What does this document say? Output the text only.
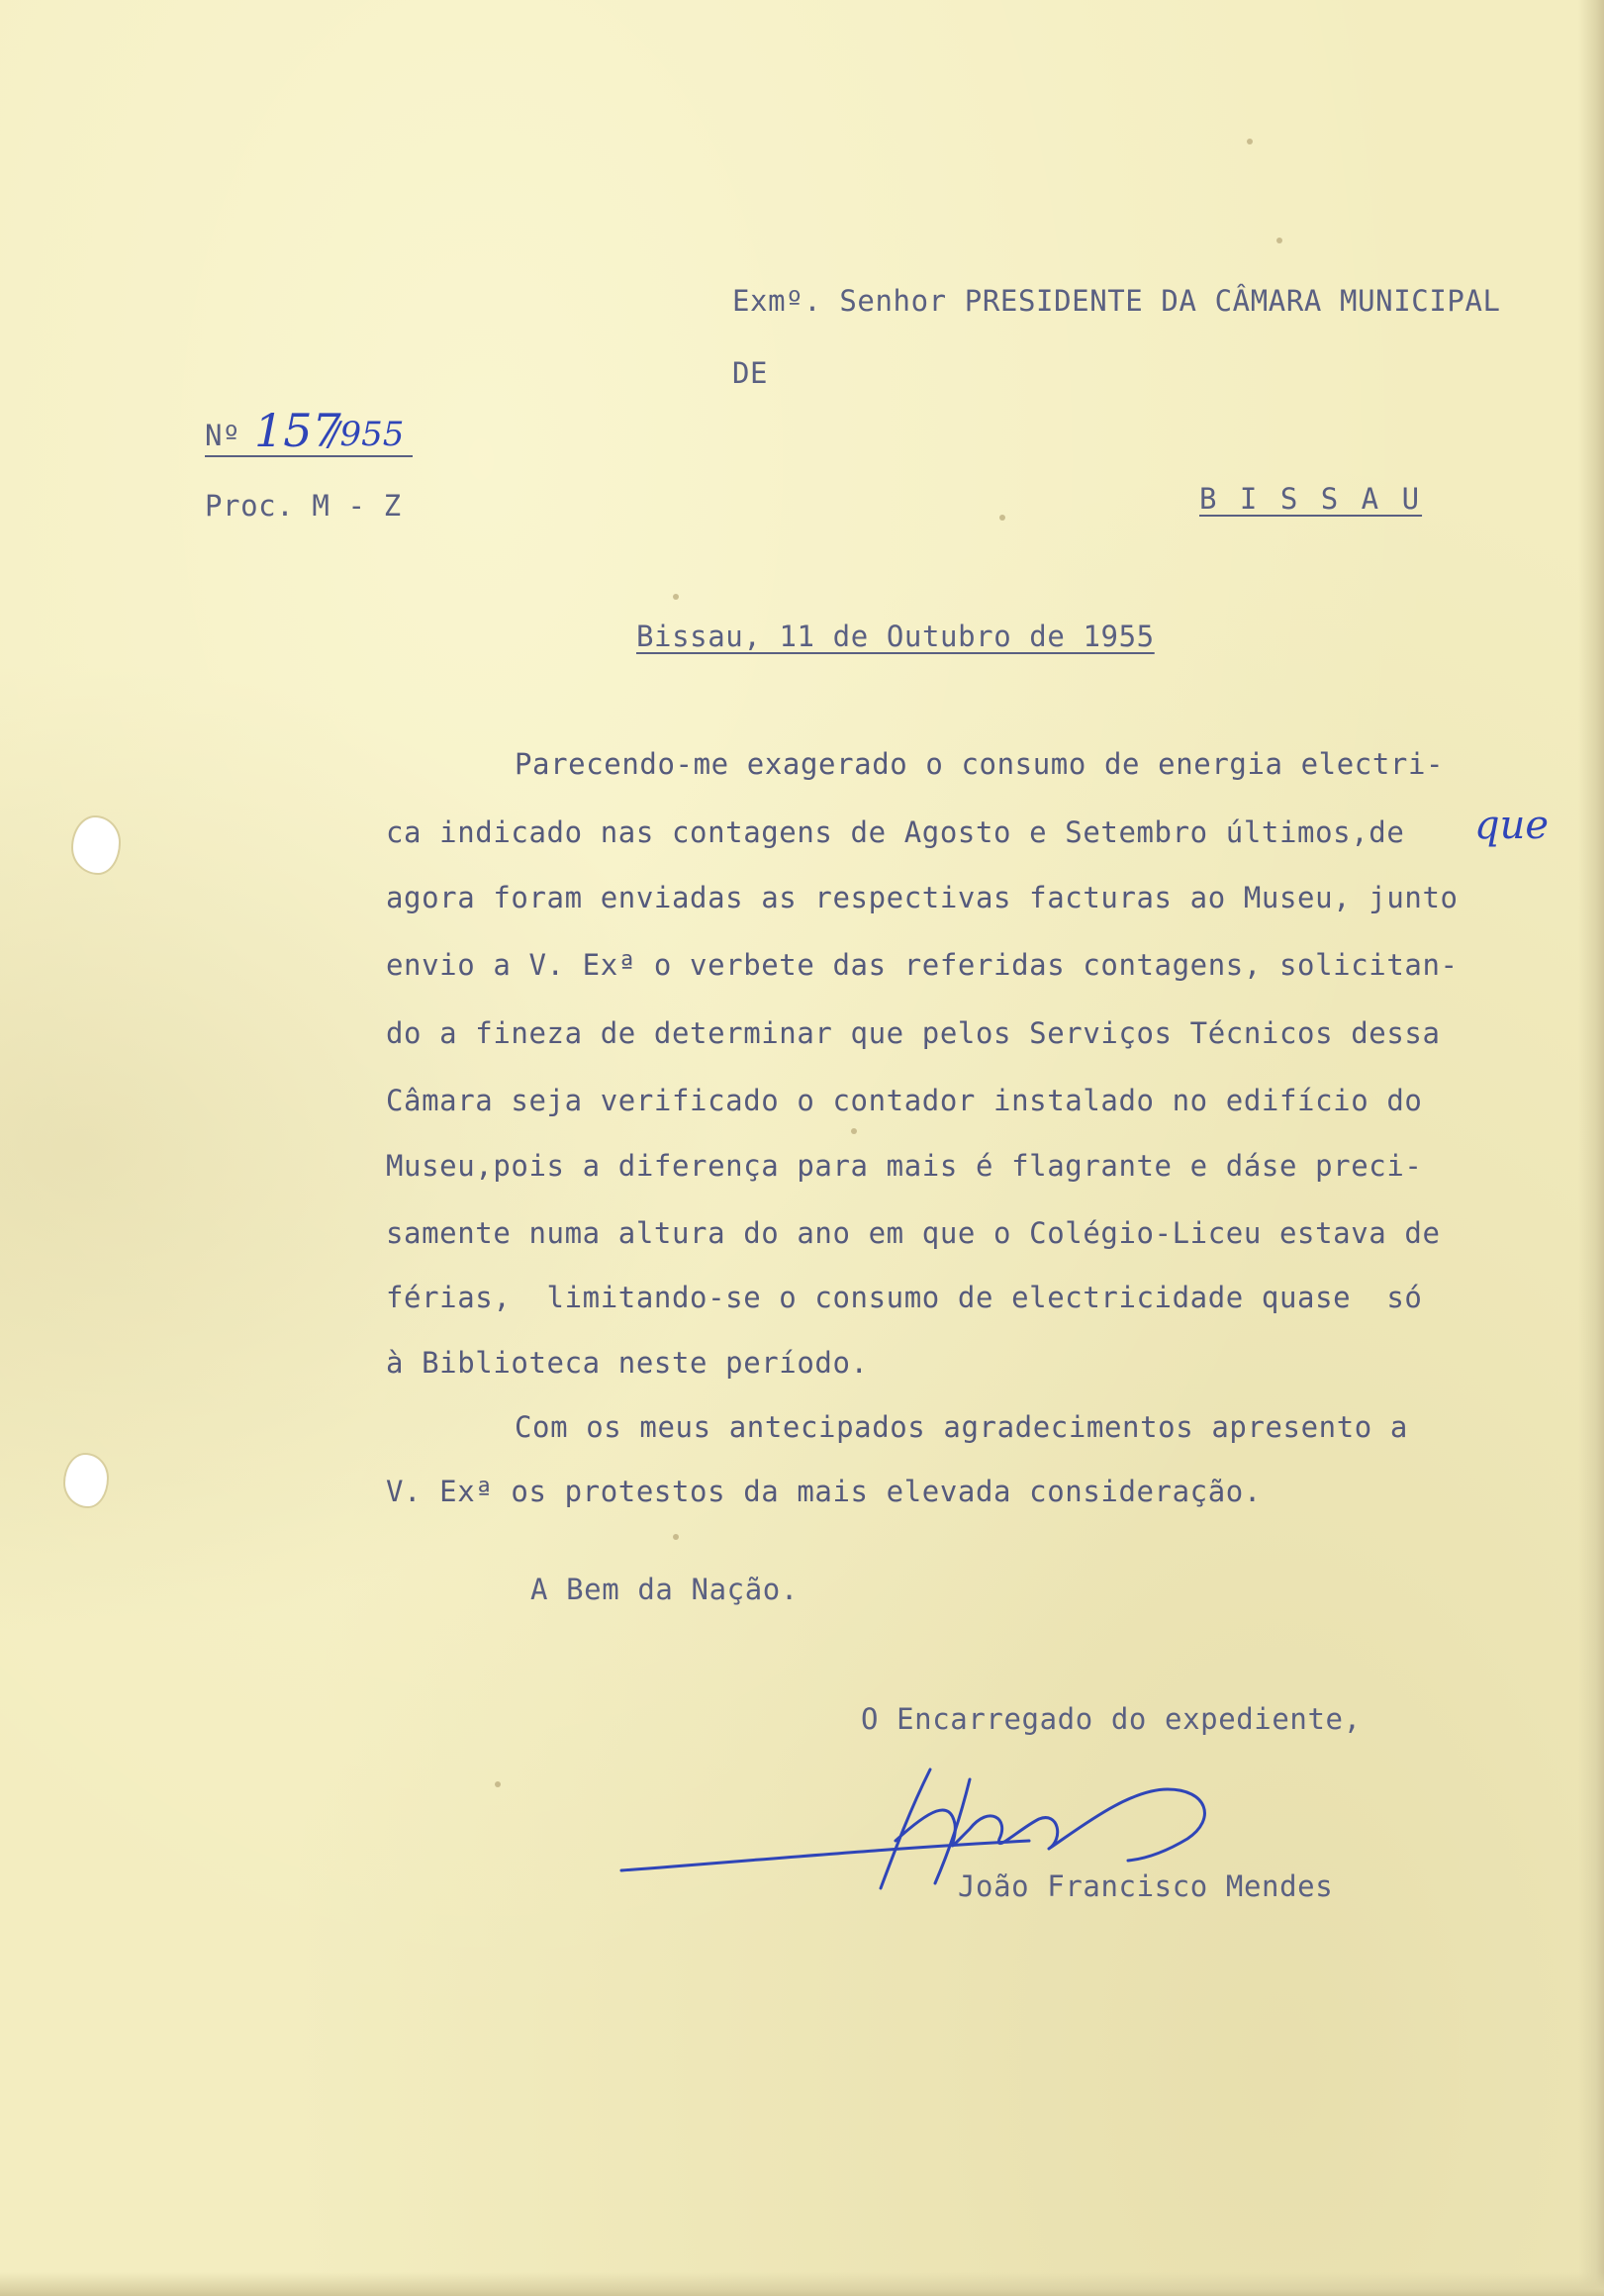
Exmº. Senhor PRESIDENTE DA CÂMARA MUNICIPAL

DE

B I S S A U

Nº 157
/955

Proc. M - Z

Bissau, 11 de Outubro de 1955

Parecendo-me exagerado o consumo de energia electri-

ca indicado nas contagens de Agosto e Setembro últimos,de que

agora foram enviadas as respectivas facturas ao Museu, junto

envio a V. Exª o verbete das referidas contagens, solicitan-

do a fineza de determinar que pelos Serviços Técnicos dessa

Câmara seja verificado o contador instalado no edifício do

Museu,pois a diferença para mais é flagrante e dáse preci-

samente numa altura do ano em que o Colégio-Liceu estava de

férias,  limitando-se o consumo de electricidade quase  só

à Biblioteca neste período.

Com os meus antecipados agradecimentos apresento a

V. Exª os protestos da mais elevada consideração.

A Bem da Nação.

O Encarregado do expediente,

João Francisco Mendes
